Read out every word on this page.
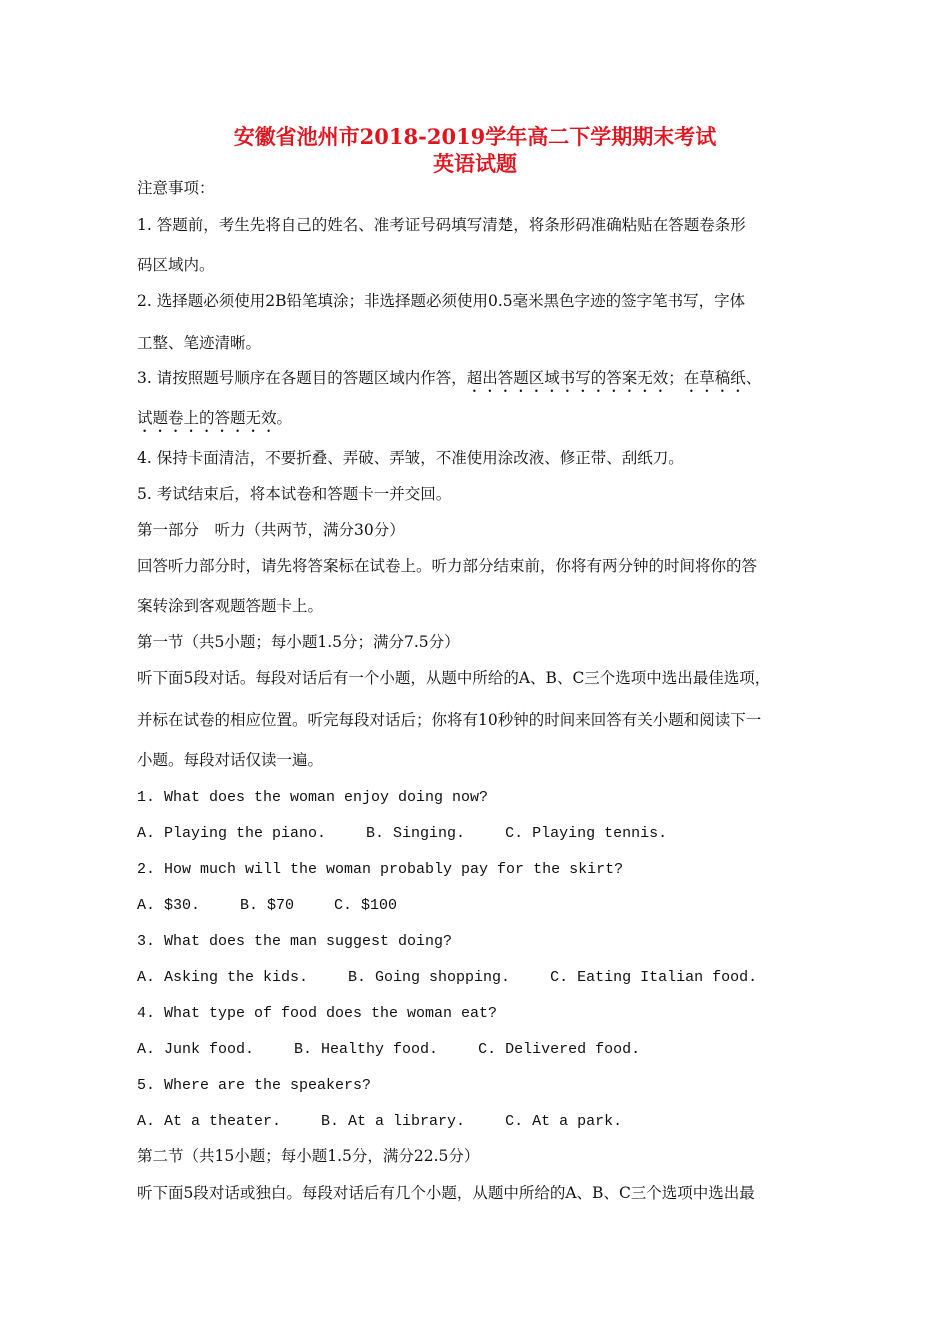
安徽省池州市2018-2019学年高二下学期期末考试
英语试题
注意事项：
1. 答题前，考生先将自己的姓名、准考证号码填写清楚，将条形码准确粘贴在答题卷条形
码区域内。
2. 选择题必须使用2B铅笔填涂；非选择题必须使用0.5毫米黑色字迹的签字笔书写，字体
工整、笔迹清晰。
3. 请按照题号顺序在各题目的答题区域内作答，超出答题区域书写的答案无效；在草稿纸、
试题卷上的答题无效。
4. 保持卡面清洁，不要折叠、弄破、弄皱，不准使用涂改液、修正带、刮纸刀。
5. 考试结束后，将本试卷和答题卡一并交回。
第一部分　听力（共两节，满分30分）
回答听力部分时，请先将答案标在试卷上。听力部分结束前，你将有两分钟的时间将你的答
案转涂到客观题答题卡上。
第一节（共5小题；每小题1.5分；满分7.5分）
听下面5段对话。每段对话后有一个小题，从题中所给的A、B、C三个选项中选出最佳选项，
并标在试卷的相应位置。听完每段对话后；你将有10秒钟的时间来回答有关小题和阅读下一
小题。每段对话仅读一遍。
1. What does the woman enjoy doing now?
A. Playing the piano.	B. Singing.	C. Playing tennis.
2. How much will the woman probably pay for the skirt?
A. $30.	B. $70	C. $100
3. What does the man suggest doing?
A. Asking the kids.	B. Going shopping.	C. Eating Italian food.
4. What type of food does the woman eat?
A. Junk food.	B. Healthy food.	C. Delivered food.
5. Where are the speakers?
A. At a theater.	B. At a library.	C. At a park.
第二节（共15小题；每小题1.5分，满分22.5分）
听下面5段对话或独白。每段对话后有几个小题，从题中所给的A、B、C三个选项中选出最
